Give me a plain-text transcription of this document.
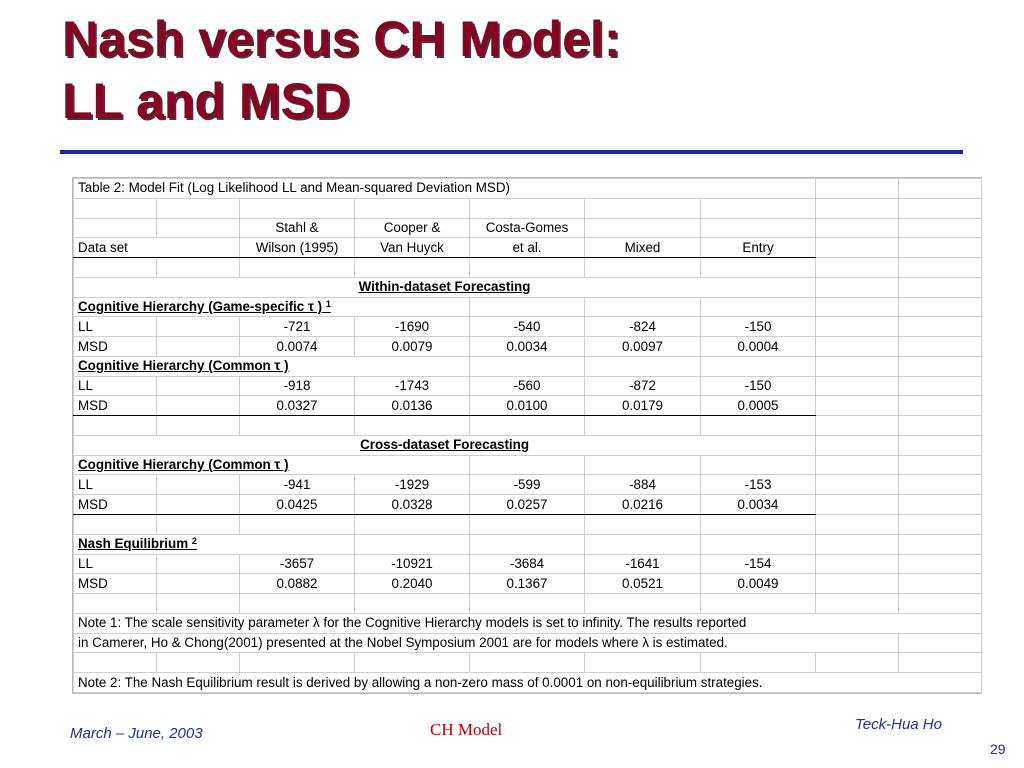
Nash versus CH Model:
LL and MSD
Table 2: Model Fit (Log Likelihood LL and Mean-squared Deviation MSD)								

		Stahl &	Cooper &	Costa-Gomes				
Data set		Wilson (1995)	Van Huyck	et al.	Mixed	Entry		

Within-dataset Forecasting								
Cognitive Hierarchy (Game-specific τ ) $^1$					
LL		-721	-1690	-540	-824	-150		
MSD		0.0074	0.0079	0.0034	0.0097	0.0004		
Cognitive Hierarchy (Common τ )								
LL		-918	-1743	-560	-872	-150		
MSD		0.0327	0.0136	0.0100	0.0179	0.0005		

Cross-dataset Forecasting								
Cognitive Hierarchy (Common τ )								
LL		-941	-1929	-599	-884	-153		
MSD		0.0425	0.0328	0.0257	0.0216	0.0034		

Nash Equilibrium $^2$						
LL		-3657	-10921	-3684	-1641	-154		
MSD		0.0882	0.2040	0.1367	0.0521	0.0049		

Note 1: The scale sensitivity parameter λ for the Cognitive Hierarchy models is set to infinity. The results reported								
in Camerer, Ho & Chong(2001) presented at the Nobel Symposium 2001 are for models where λ is estimated.								

Note 2: The Nash Equilibrium result is derived by allowing a non-zero mass of 0.0001 on non-equilibrium strategies.								
March – June, 2003	CH Model	Teck-Hua Ho
29
